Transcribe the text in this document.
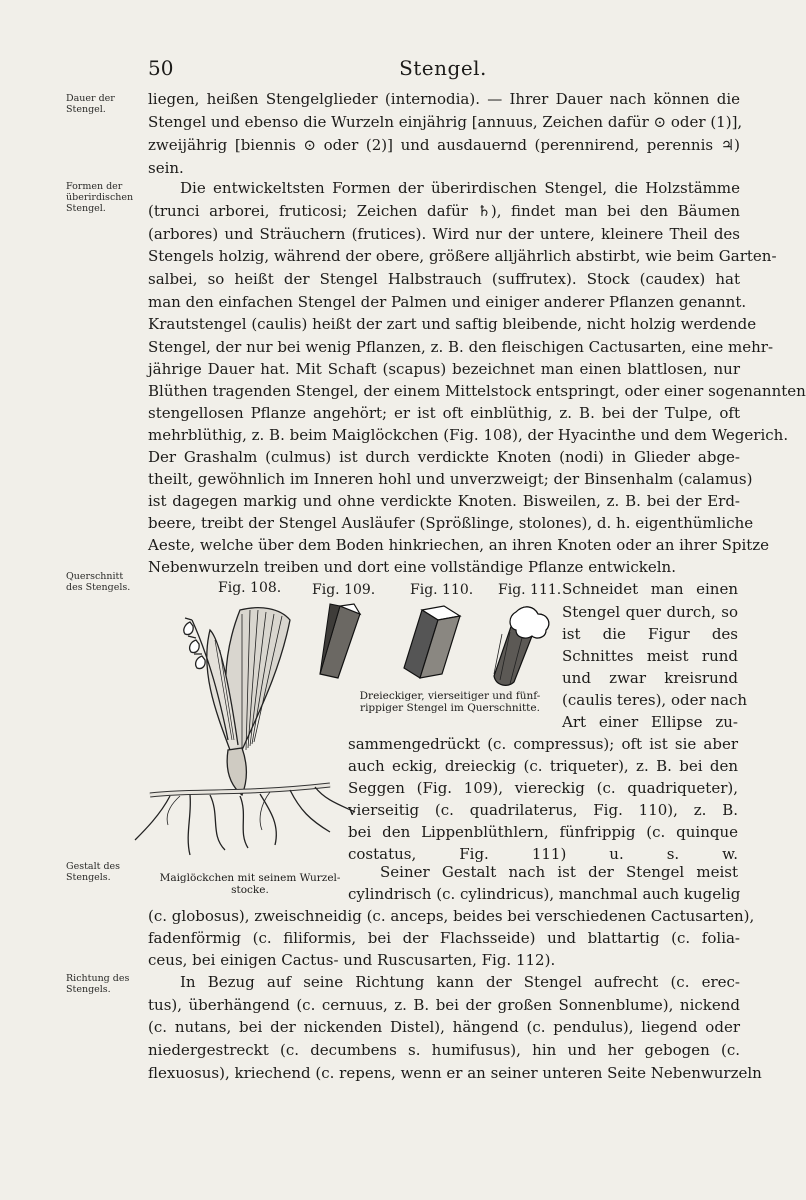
50	Stengel.
Dauer der Stengel.
Formen der überirdischen Stengel.
Querschnitt des Stengels.
Gestalt des Stengels.
Richtung des Stengels.
liegen, heißen Stengelglieder (internodia). — Ihrer Dauer nach können die
Stengel und ebenso die Wurzeln einjährig [annuus, Zeichen dafür ⊙ oder (1)],
zweijährig [biennis ⊙ oder (2)] und ausdauernd (perennirend, perennis ♃)
sein.
Die entwickeltsten Formen der überirdischen Stengel, die Holzstämme
(trunci arborei, fruticosi; Zeichen dafür ♄), findet man bei den Bäumen
(arbores) und Sträuchern (frutices). Wird nur der untere, kleinere Theil des
Stengels holzig, während der obere, größere alljährlich abstirbt, wie beim Garten-
salbei, so heißt der Stengel Halbstrauch (suffrutex). Stock (caudex) hat
man den einfachen Stengel der Palmen und einiger anderer Pflanzen genannt.
Krautstengel (caulis) heißt der zart und saftig bleibende, nicht holzig werdende
Stengel, der nur bei wenig Pflanzen, z. B. den fleischigen Cactusarten, eine mehr-
jährige Dauer hat. Mit Schaft (scapus) bezeichnet man einen blattlosen, nur
Blüthen tragenden Stengel, der einem Mittelstock entspringt, oder einer sogenannten
stengellosen Pflanze angehört; er ist oft einblüthig, z. B. bei der Tulpe, oft
mehrblüthig, z. B. beim Maiglöckchen (Fig. 108), der Hyacinthe und dem Wegerich.
Der Grashalm (culmus) ist durch verdickte Knoten (nodi) in Glieder abge-
theilt, gewöhnlich im Inneren hohl und unverzweigt; der Binsenhalm (calamus)
ist dagegen markig und ohne verdickte Knoten. Bisweilen, z. B. bei der Erd-
beere, treibt der Stengel Ausläufer (Sprößlinge, stolones), d. h. eigenthümliche
Aeste, welche über dem Boden hinkriechen, an ihren Knoten oder an ihrer Spitze
Nebenwurzeln treiben und dort eine vollständige Pflanze entwickeln.
Fig. 108. Fig. 109. Fig. 110. Fig. 111.
Dreieckiger, vierseitiger und fünf-
rippiger Stengel im Querschnitte.
Maiglöckchen mit seinem Wurzel-
stocke.
Schneidet man einen
Stengel quer durch, so
ist die Figur des
Schnittes meist rund
und zwar kreisrund
(caulis teres), oder nach
Art einer Ellipse zu-
sammengedrückt (c. compressus); oft ist sie aber
auch eckig, dreieckig (c. triqueter), z. B. bei den
Seggen (Fig. 109), viereckig (c. quadriqueter),
vierseitig (c. quadrilaterus, Fig. 110), z. B.
bei den Lippenblüthlern, fünfrippig (c. quinque
costatus, Fig. 111) u. s. w.
Seiner Gestalt nach ist der Stengel meist
cylindrisch (c. cylindricus), manchmal auch kugelig
(c. globosus), zweischneidig (c. anceps, beides bei verschiedenen Cactusarten),
fadenförmig (c. filiformis, bei der Flachsseide) und blattartig (c. folia-
ceus, bei einigen Cactus- und Ruscusarten, Fig. 112).
In Bezug auf seine Richtung kann der Stengel aufrecht (c. erec-
tus), überhängend (c. cernuus, z. B. bei der großen Sonnenblume), nickend
(c. nutans, bei der nickenden Distel), hängend (c. pendulus), liegend oder
niedergestreckt (c. decumbens s. humifusus), hin und her gebogen (c.
flexuosus), kriechend (c. repens, wenn er an seiner unteren Seite Nebenwurzeln
